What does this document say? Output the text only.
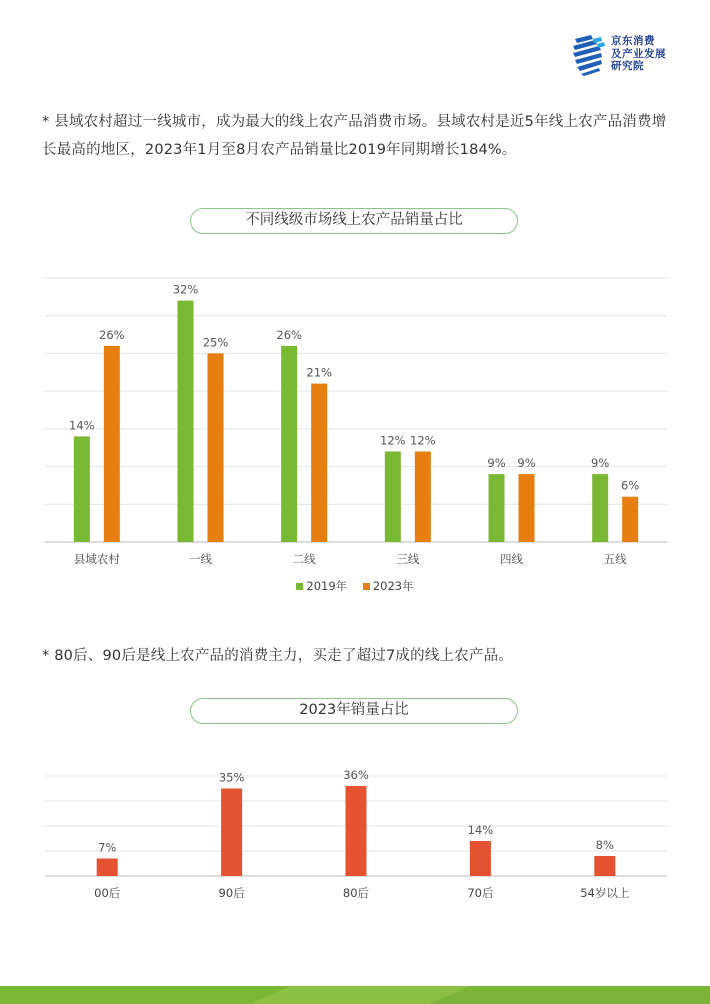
京东消费
及产业发展
研究院
* 县域农村超过一线城市，成为最大的线上农产品消费市场。县域农村是近5年线上农产品消费增长最高的地区，2023年1月至8月农产品销量比2019年同期增长184%。
不同线级市场线上农产品销量占比
14%
26%
县域农村
32%
25%
一线
26%
21%
二线
12% 12%
三线
9% 9%
四线
9%
6%
五线
2019年 2023年
* 80后、90后是线上农产品的消费主力，买走了超过7成的线上农产品。
2023年销量占比
7%
00后
35%
90后
36%
80后
14%
70后
8%
54岁以上
